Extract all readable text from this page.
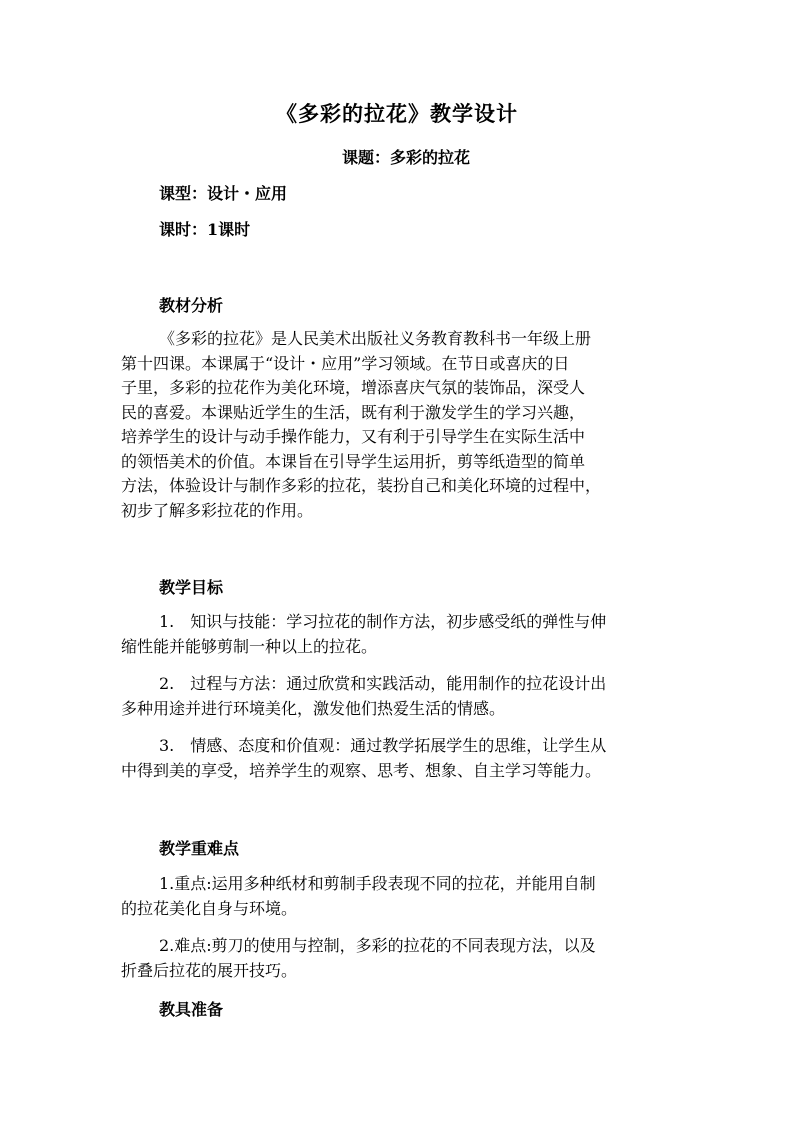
《多彩的拉花》教学设计
课题：多彩的拉花
课型：设计・应用
课时：1课时
教材分析
《多彩的拉花》是人民美术出版社义务教育教科书一年级上册
第十四课。本课属于“设计・应用”学习领域。在节日或喜庆的日
子里，多彩的拉花作为美化环境，增添喜庆气氛的装饰品，深受人
民的喜爱。本课贴近学生的生活，既有利于激发学生的学习兴趣，
培养学生的设计与动手操作能力，又有利于引导学生在实际生活中
的领悟美术的价值。本课旨在引导学生运用折，剪等纸造型的简单
方法，体验设计与制作多彩的拉花，装扮自己和美化环境的过程中，
初步了解多彩拉花的作用。
教学目标
1.　知识与技能：学习拉花的制作方法，初步感受纸的弹性与伸
缩性能并能够剪制一种以上的拉花。
2.　过程与方法：通过欣赏和实践活动，能用制作的拉花设计出
多种用途并进行环境美化，激发他们热爱生活的情感。
3.　情感、态度和价值观：通过教学拓展学生的思维，让学生从
中得到美的享受，培养学生的观察、思考、想象、自主学习等能力。
教学重难点
1.重点:运用多种纸材和剪制手段表现不同的拉花，并能用自制
的拉花美化自身与环境。
2.难点:剪刀的使用与控制，多彩的拉花的不同表现方法，以及
折叠后拉花的展开技巧。
教具准备
